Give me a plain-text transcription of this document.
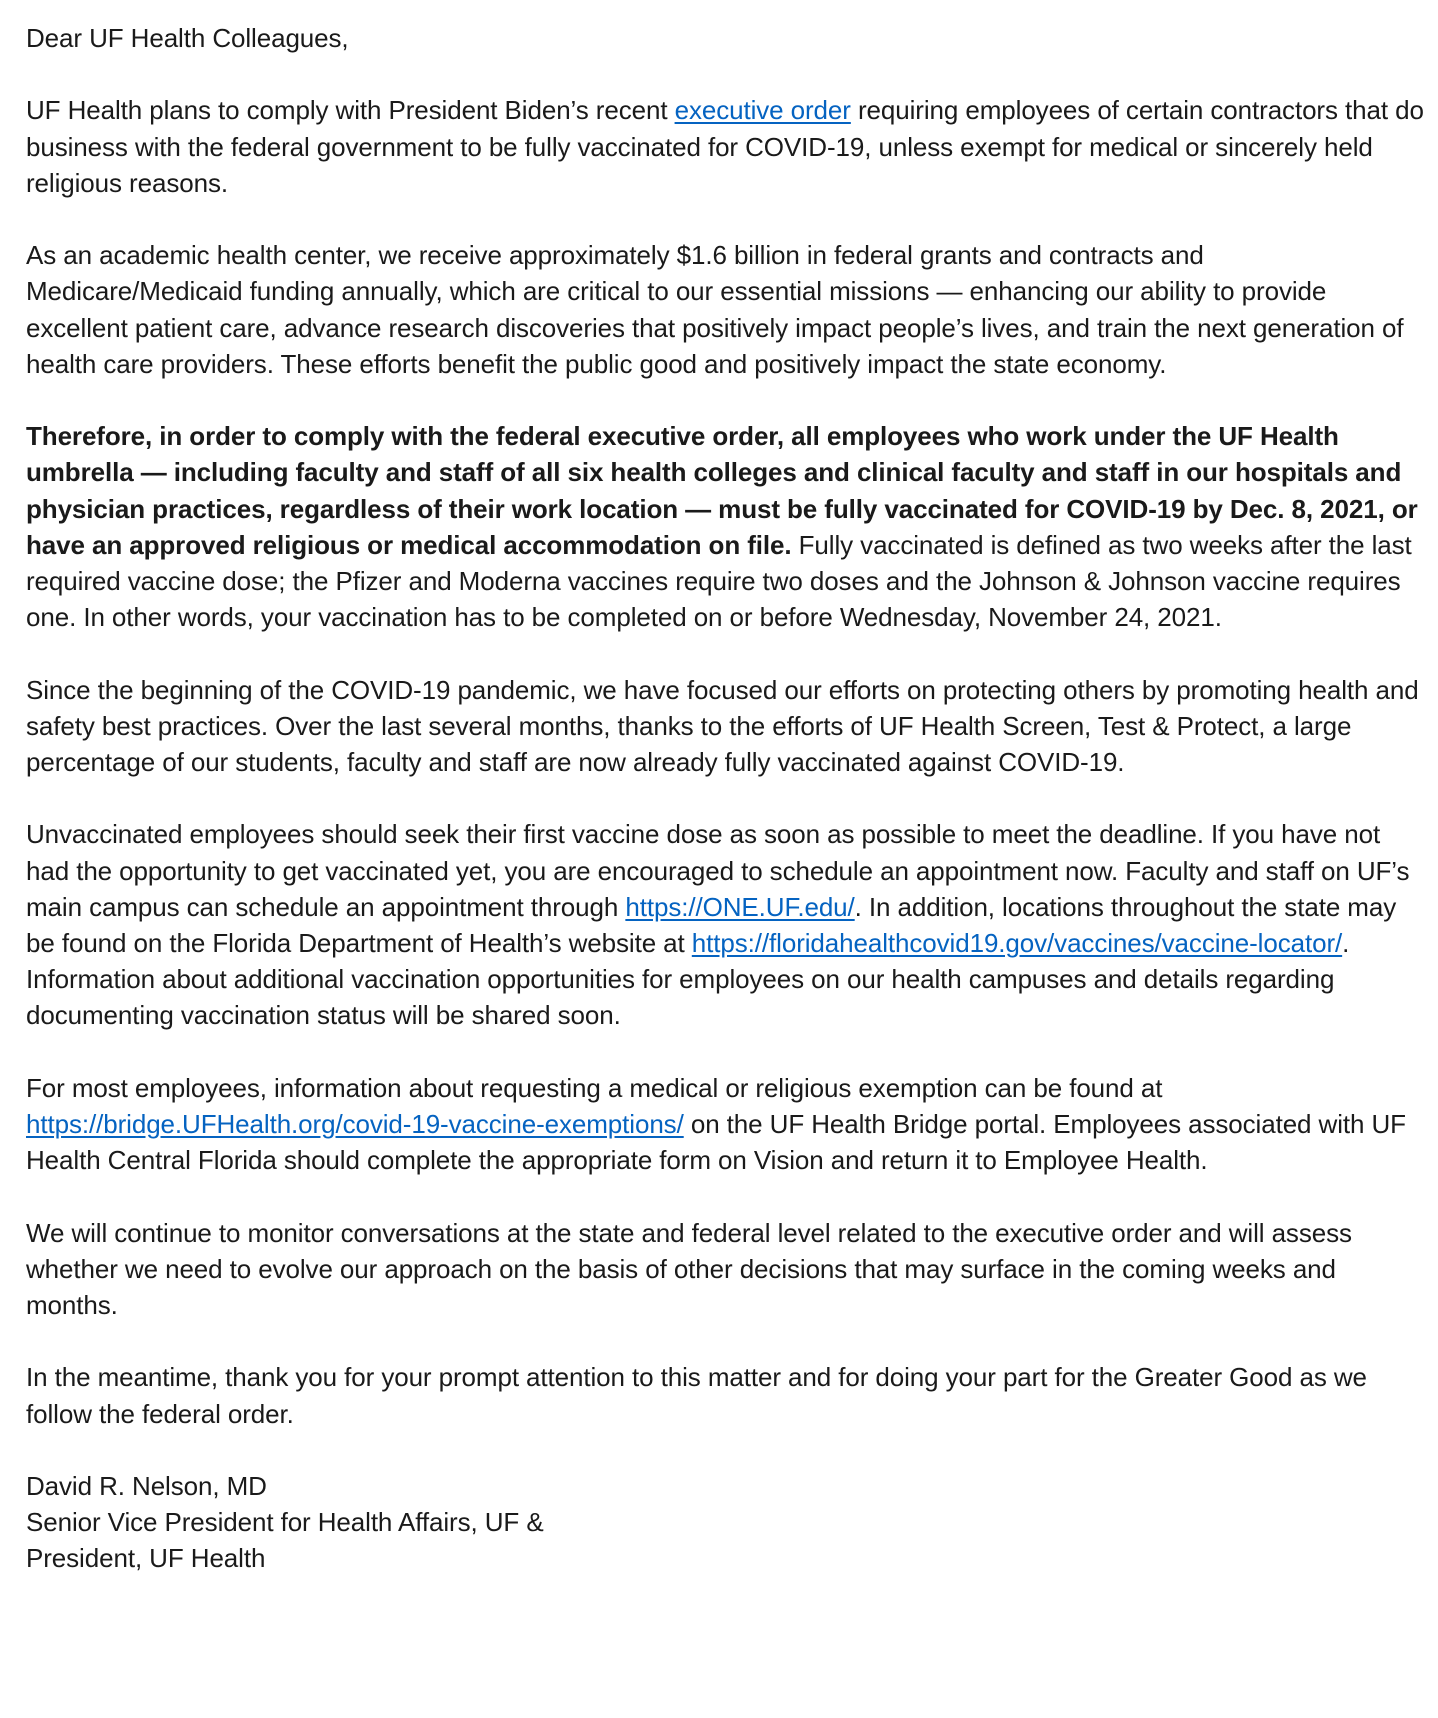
Dear UF Health Colleagues,

UF Health plans to comply with President Biden’s recent executive order requiring employees of certain contractors that do business with the federal government to be fully vaccinated for COVID-19, unless exempt for medical or sincerely held religious reasons.

As an academic health center, we receive approximately $1.6 billion in federal grants and contracts and Medicare/Medicaid funding annually, which are critical to our essential missions — enhancing our ability to provide excellent patient care, advance research discoveries that positively impact people’s lives, and train the next generation of health care providers. These efforts benefit the public good and positively impact the state economy.

Therefore, in order to comply with the federal executive order, all employees who work under the UF Health umbrella — including faculty and staff of all six health colleges and clinical faculty and staff in our hospitals and physician practices, regardless of their work location — must be fully vaccinated for COVID-19 by Dec. 8, 2021, or have an approved religious or medical accommodation on file. Fully vaccinated is defined as two weeks after the last required vaccine dose; the Pfizer and Moderna vaccines require two doses and the Johnson & Johnson vaccine requires one. In other words, your vaccination has to be completed on or before Wednesday, November 24, 2021.

Since the beginning of the COVID-19 pandemic, we have focused our efforts on protecting others by promoting health and safety best practices. Over the last several months, thanks to the efforts of UF Health Screen, Test & Protect, a large percentage of our students, faculty and staff are now already fully vaccinated against COVID-19.

Unvaccinated employees should seek their first vaccine dose as soon as possible to meet the deadline. If you have not had the opportunity to get vaccinated yet, you are encouraged to schedule an appointment now. Faculty and staff on UF’s main campus can schedule an appointment through https://ONE.UF.edu/. In addition, locations throughout the state may be found on the Florida Department of Health’s website at https://floridahealthcovid19.gov/vaccines/vaccine-locator/. Information about additional vaccination opportunities for employees on our health campuses and details regarding documenting vaccination status will be shared soon.

For most employees, information about requesting a medical or religious exemption can be found at https://bridge.UFHealth.org/covid-19-vaccine-exemptions/ on the UF Health Bridge portal. Employees associated with UF Health Central Florida should complete the appropriate form on Vision and return it to Employee Health.

We will continue to monitor conversations at the state and federal level related to the executive order and will assess whether we need to evolve our approach on the basis of other decisions that may surface in the coming weeks and months.

In the meantime, thank you for your prompt attention to this matter and for doing your part for the Greater Good as we follow the federal order.

David R. Nelson, MD
Senior Vice President for Health Affairs, UF &
President, UF Health
